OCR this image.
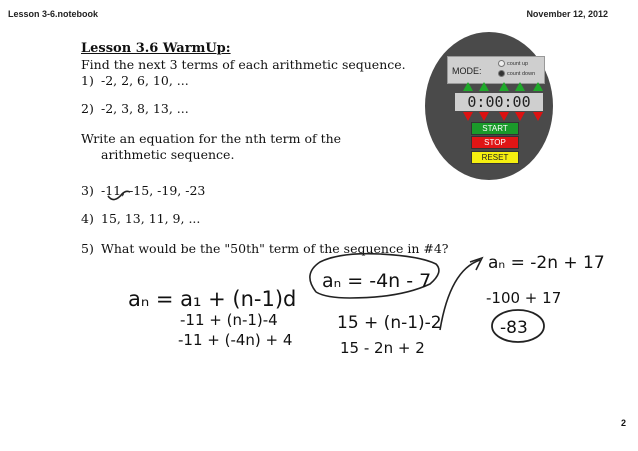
Lesson 3-6.notebook	November 12, 2012
Lesson 3.6 WarmUp:
Find the next 3 terms of each arithmetic sequence.
1) -2, 2, 6, 10, ...
2) -2, 3, 8, 13, ...
Write an equation for the nth term of the
arithmetic sequence.
3) -11, -15, -19, -23
4) 15, 13, 11, 9, ...
5) What would be the "50th" term of the sequence in #4?
MODE:
count up
count down
0:00:00
START
STOP
RESET
aₙ = a₁ + (n-1)d
-11 + (n-1)-4
-11 + (-4n) + 4
aₙ = -4n - 7
15 + (n-1)-2
15 - 2n + 2
aₙ = -2n + 17
-100 + 17
-83
2
